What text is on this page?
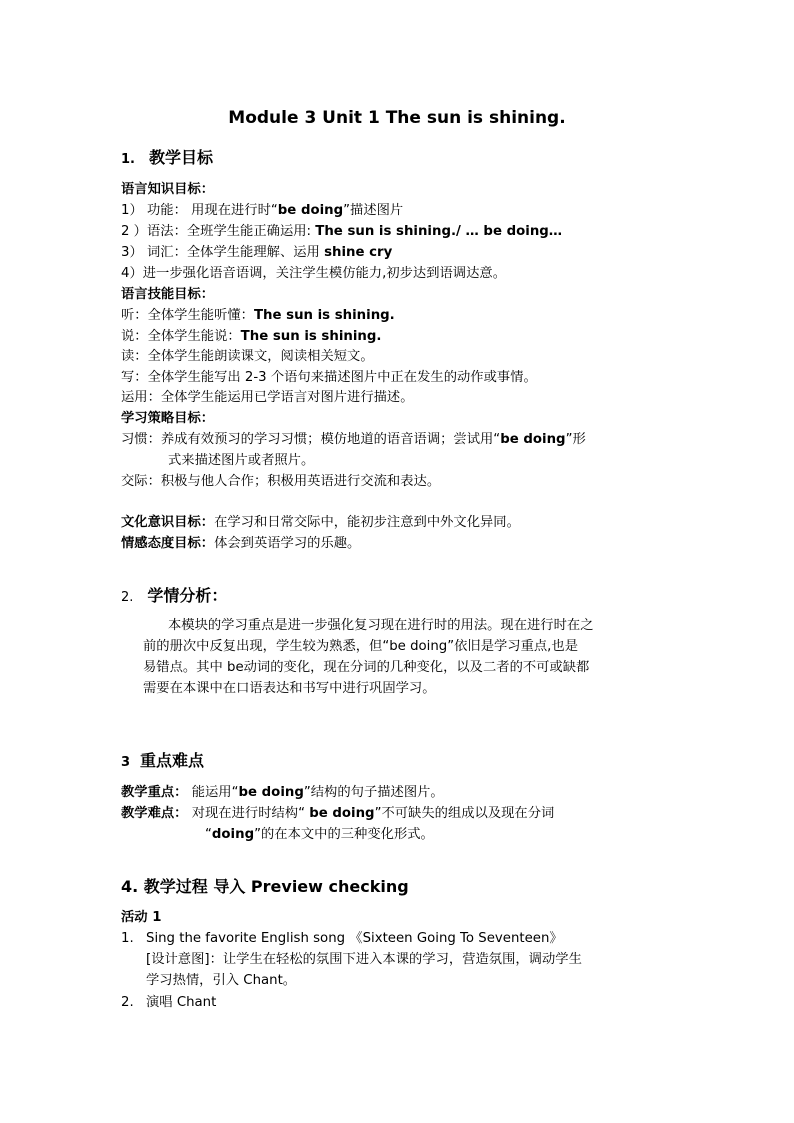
Module 3 Unit 1 The sun is shining.
1. 教学目标
语言知识目标：
1） 功能： 用现在进行时“be doing”描述图片
2 ）语法：全班学生能正确运用: The sun is shining./ … be doing…
3） 词汇：全体学生能理解、运用 shine cry
4）进一步强化语音语调，关注学生模仿能力,初步达到语调达意。
语言技能目标：
听：全体学生能听懂：The sun is shining.
说：全体学生能说：The sun is shining.
读：全体学生能朗读课文，阅读相关短文。
写：全体学生能写出 2-3 个语句来描述图片中正在发生的动作或事情。
运用：全体学生能运用已学语言对图片进行描述。
学习策略目标：
习惯：养成有效预习的学习习惯；模仿地道的语音语调；尝试用“be doing”形
式来描述图片或者照片。
交际：积极与他人合作；积极用英语进行交流和表达。
文化意识目标：在学习和日常交际中，能初步注意到中外文化异同。
情感态度目标：体会到英语学习的乐趣。
2. 学情分析：
本模块的学习重点是进一步强化复习现在进行时的用法。现在进行时在之
前的册次中反复出现，学生较为熟悉，但“be doing”依旧是学习重点,也是
易错点。其中 be动词的变化，现在分词的几种变化，以及二者的不可或缺都
需要在本课中在口语表达和书写中进行巩固学习。
3 重点难点
教学重点： 能运用“be doing”结构的句子描述图片。
教学难点： 对现在进行时结构“ be doing”不可缺失的组成以及现在分词
“doing”的在本文中的三种变化形式。
4. 教学过程 导入 Preview checking
活动 1
1. Sing the favorite English song 《Sixteen Going To Seventeen》
[设计意图]：让学生在轻松的氛围下进入本课的学习，营造氛围，调动学生
学习热情，引入 Chant。
2. 演唱 Chant
